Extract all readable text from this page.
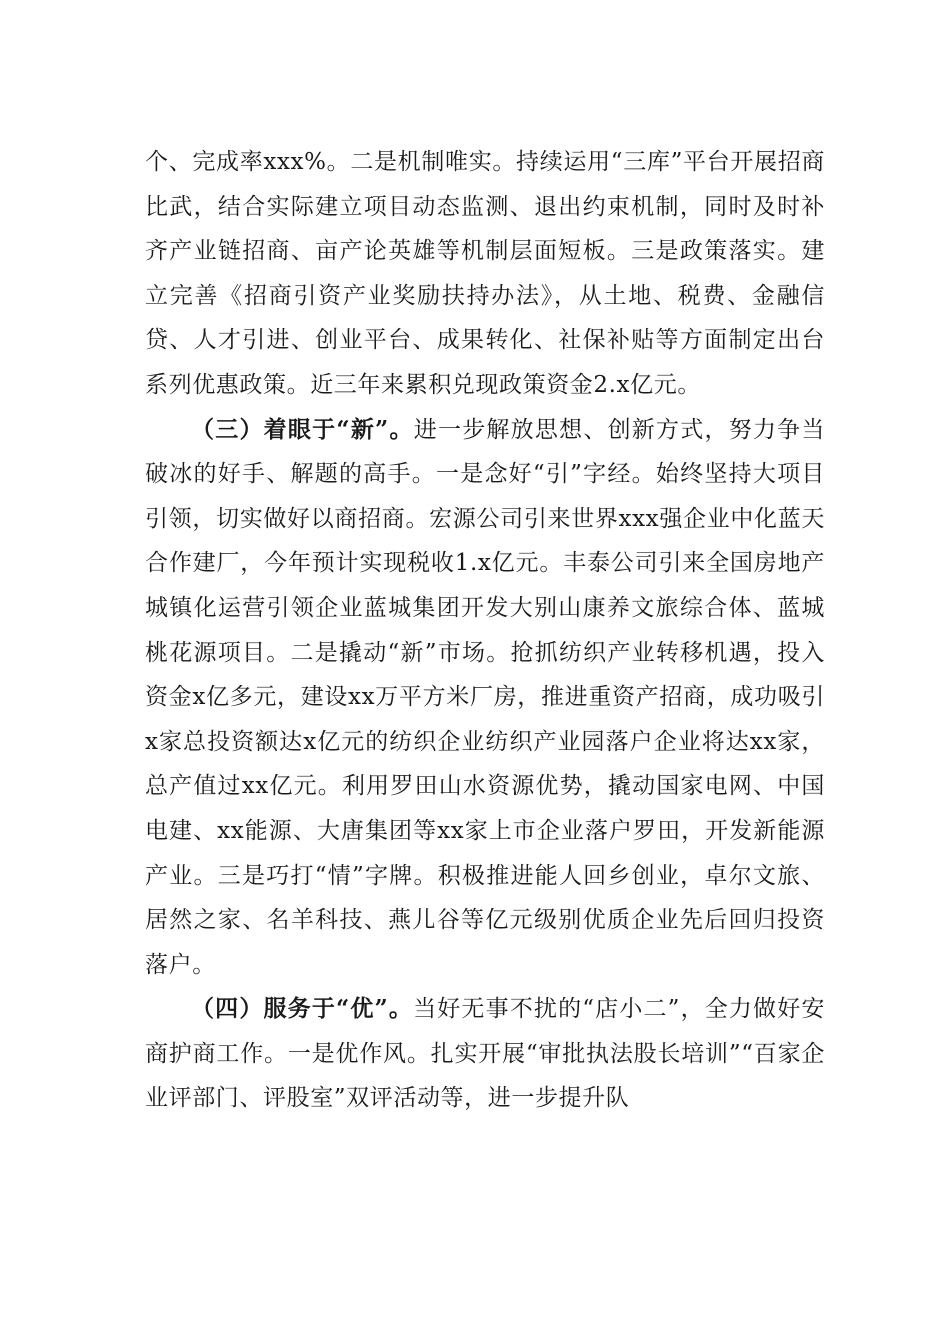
个、完成率xxx%。二是机制唯实。持续运用“三库”平台开展招商比武，结合实际建立项目动态监测、退出约束机制，同时及时补齐产业链招商、亩产论英雄等机制层面短板。三是政策落实。建立完善《招商引资产业奖励扶持办法》，从土地、税费、金融信贷、人才引进、创业平台、成果转化、社保补贴等方面制定出台系列优惠政策。近三年来累积兑现政策资金2.x亿元。

（三）着眼于“新”。进一步解放思想、创新方式，努力争当破冰的好手、解题的高手。一是念好“引”字经。始终坚持大项目引领，切实做好以商招商。宏源公司引来世界xxx强企业中化蓝天合作建厂，今年预计实现税收1.x亿元。丰泰公司引来全国房地产城镇化运营引领企业蓝城集团开发大别山康养文旅综合体、蓝城桃花源项目。二是撬动“新”市场。抢抓纺织产业转移机遇，投入资金x亿多元，建设xx万平方米厂房，推进重资产招商，成功吸引x家总投资额达x亿元的纺织企业纺织产业园落户企业将达xx家，总产值过xx亿元。利用罗田山水资源优势，撬动国家电网、中国电建、xx能源、大唐集团等xx家上市企业落户罗田，开发新能源产业。三是巧打“情”字牌。积极推进能人回乡创业，卓尔文旅、居然之家、名羊科技、燕儿谷等亿元级别优质企业先后回归投资落户。

（四）服务于“优”。当好无事不扰的“店小二”，全力做好安商护商工作。一是优作风。扎实开展“审批执法股长培训”“百家企业评部门、评股室”双评活动等，进一步提升队
